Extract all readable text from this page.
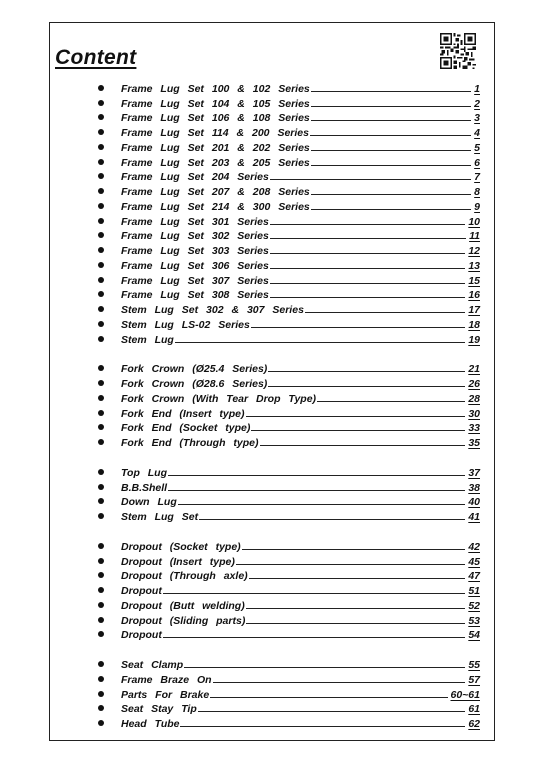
Content
Frame Lug Set 100 & 102 Series	1
Frame Lug Set 104 & 105 Series	2
Frame Lug Set 106 & 108 Series	3
Frame Lug Set 114 & 200 Series	4
Frame Lug Set 201 & 202 Series	5
Frame Lug Set 203 & 205 Series	6
Frame Lug Set 204 Series	7
Frame Lug Set 207 & 208 Series	8
Frame Lug Set 214 & 300 Series	9
Frame Lug Set 301 Series	10
Frame Lug Set 302 Series	11
Frame Lug Set 303 Series	12
Frame Lug Set 306 Series	13
Frame Lug Set 307 Series	15
Frame Lug Set 308 Series	16
Stem Lug Set 302 & 307 Series	17
Stem Lug LS-02 Series	18
Stem Lug	19
Fork Crown (Ø25.4 Series)	21
Fork Crown (Ø28.6 Series)	26
Fork Crown (With Tear Drop Type)	28
Fork End (Insert type)	30
Fork End (Socket type)	33
Fork End (Through type)	35
Top Lug	37
B.B.Shell	38
Down Lug	40
Stem Lug Set	41
Dropout (Socket type)	42
Dropout (Insert type)	45
Dropout (Through axle)	47
Dropout	51
Dropout (Butt welding)	52
Dropout (Sliding parts)	53
Dropout	54
Seat Clamp	55
Frame Braze On	57
Parts For Brake	60~61
Seat Stay Tip	61
Head Tube	62
